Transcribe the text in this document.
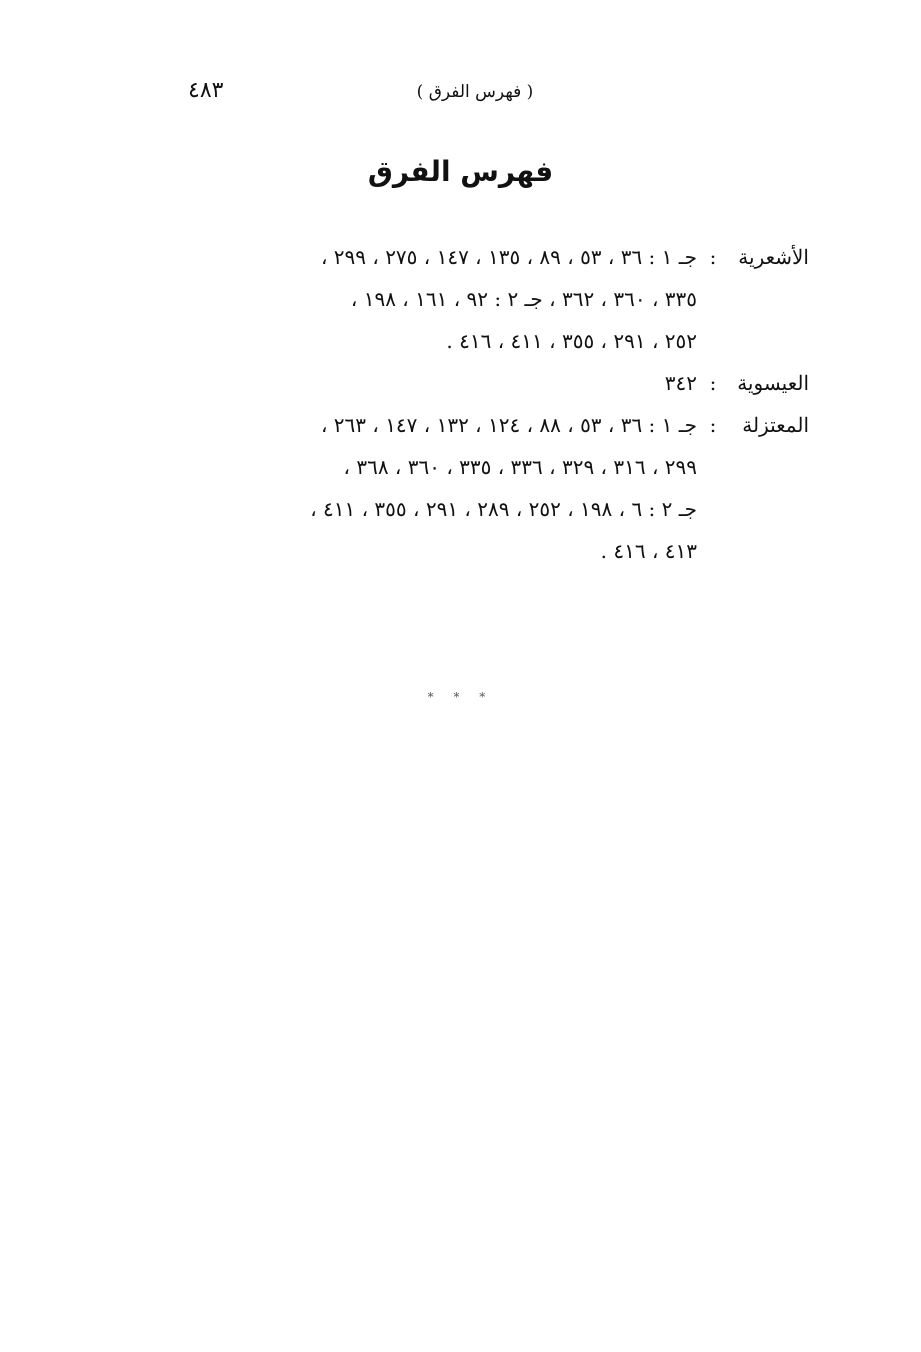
( فهرس الفرق )
٤٨٣
فهرس الفرق
الأشعرية
:
جـ ١ : ٣٦ ، ٥٣ ، ٨٩ ، ١٣٥ ، ١٤٧ ، ٢٧٥ ، ٢٩٩ ،
٣٣٥ ، ٣٦٠ ، ٣٦٢ ، جـ ٢ : ٩٢ ، ١٦١ ، ١٩٨ ،
٢٥٢ ، ٢٩١ ، ٣٥٥ ، ٤١١ ، ٤١٦ .
العيسوية
:
٣٤٢
المعتزلة
:
جـ ١ : ٣٦ ، ٥٣ ، ٨٨ ، ١٢٤ ، ١٣٢ ، ١٤٧ ، ٢٦٣ ،
٢٩٩ ، ٣١٦ ، ٣٢٩ ، ٣٣٦ ، ٣٣٥ ، ٣٦٠ ، ٣٦٨ ،
جـ ٢ : ٦ ، ١٩٨ ، ٢٥٢ ، ٢٨٩ ، ٢٩١ ، ٣٥٥ ، ٤١١ ،
٤١٣ ، ٤١٦ .
* * *
